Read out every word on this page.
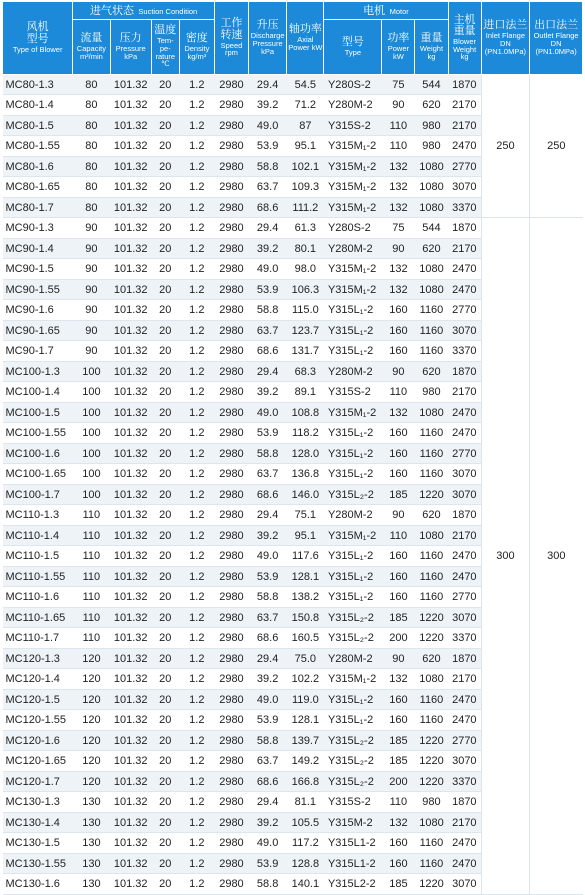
风机
型号
Type of Blower	进气状态 Suction Condition				工作
转速
Speed rpm	升压
Discharge Pressure kPa	轴功率
Axial Power kW	电机 Motor			主机
重量
Blower Weight kg	进口法兰
Inlet Flange DN (PN1.0MPa)	出口法兰
Outlet Flange DN (PN1.0MPa)

	流量
Capacity m³/min	压力
Pressure kPa	温度
Tem-
pe-
rature
℃	密度
Density kg/m³				型号
Type	功率
Power kW	重量
Weight kg			

MC80-1.3	80	101.32	20	1.2	2980	29.4	54.5	Y280S-2	75	544	1870	250	250
MC80-1.4	80	101.32	20	1.2	2980	39.2	71.2	Y280M-2	90	620	2170		
MC80-1.5	80	101.32	20	1.2	2980	49.0	87	Y315S-2	110	980	2170		
MC80-1.55	80	101.32	20	1.2	2980	53.9	95.1	Y315M₁-2	110	980	2470		
MC80-1.6	80	101.32	20	1.2	2980	58.8	102.1	Y315M₁-2	132	1080	2770		
MC80-1.65	80	101.32	20	1.2	2980	63.7	109.3	Y315M₁-2	132	1080	3070		
MC80-1.7	80	101.32	20	1.2	2980	68.6	111.2	Y315M₁-2	132	1080	3370		
MC90-1.3	90	101.32	20	1.2	2980	29.4	61.3	Y280S-2	75	544	1870	300	300
MC90-1.4	90	101.32	20	1.2	2980	39.2	80.1	Y280M-2	90	620	2170		
MC90-1.5	90	101.32	20	1.2	2980	49.0	98.0	Y315M₁-2	132	1080	2470		
MC90-1.55	90	101.32	20	1.2	2980	53.9	106.3	Y315M₁-2	132	1080	2470		
MC90-1.6	90	101.32	20	1.2	2980	58.8	115.0	Y315L₁-2	160	1160	2770		
MC90-1.65	90	101.32	20	1.2	2980	63.7	123.7	Y315L₁-2	160	1160	3070		
MC90-1.7	90	101.32	20	1.2	2980	68.6	131.7	Y315L₁-2	160	1160	3370		
MC100-1.3	100	101.32	20	1.2	2980	29.4	68.3	Y280M-2	90	620	1870		
MC100-1.4	100	101.32	20	1.2	2980	39.2	89.1	Y315S-2	110	980	2170		
MC100-1.5	100	101.32	20	1.2	2980	49.0	108.8	Y315M₁-2	132	1080	2470		
MC100-1.55	100	101.32	20	1.2	2980	53.9	118.2	Y315L₁-2	160	1160	2470		
MC100-1.6	100	101.32	20	1.2	2980	58.8	128.0	Y315L₁-2	160	1160	2770		
MC100-1.65	100	101.32	20	1.2	2980	63.7	136.8	Y315L₁-2	160	1160	3070		
MC100-1.7	100	101.32	20	1.2	2980	68.6	146.0	Y315L₂-2	185	1220	3070		
MC110-1.3	110	101.32	20	1.2	2980	29.4	75.1	Y280M-2	90	620	1870		
MC110-1.4	110	101.32	20	1.2	2980	39.2	95.1	Y315M₁-2	110	1080	2170		
MC110-1.5	110	101.32	20	1.2	2980	49.0	117.6	Y315L₁-2	160	1160	2470		
MC110-1.55	110	101.32	20	1.2	2980	53.9	128.1	Y315L₁-2	160	1160	2470		
MC110-1.6	110	101.32	20	1.2	2980	58.8	138.2	Y315L₁-2	160	1160	2770		
MC110-1.65	110	101.32	20	1.2	2980	63.7	150.8	Y315L₂-2	185	1220	3070		
MC110-1.7	110	101.32	20	1.2	2980	68.6	160.5	Y315L₂-2	200	1220	3370		
MC120-1.3	120	101.32	20	1.2	2980	29.4	75.0	Y280M-2	90	620	1870		
MC120-1.4	120	101.32	20	1.2	2980	39.2	102.2	Y315M₁-2	132	1080	2170		
MC120-1.5	120	101.32	20	1.2	2980	49.0	119.0	Y315L₁-2	160	1160	2470		
MC120-1.55	120	101.32	20	1.2	2980	53.9	128.1	Y315L₁-2	160	1160	2470		
MC120-1.6	120	101.32	20	1.2	2980	58.8	139.7	Y315L₂-2	185	1220	2770		
MC120-1.65	120	101.32	20	1.2	2980	63.7	149.2	Y315L₂-2	185	1220	3070		
MC120-1.7	120	101.32	20	1.2	2980	68.6	166.8	Y315L₂-2	200	1220	3370		
MC130-1.3	130	101.32	20	1.2	2980	29.4	81.1	Y315S-2	110	980	1870		
MC130-1.4	130	101.32	20	1.2	2980	39.2	105.5	Y315M-2	132	1080	2170		
MC130-1.5	130	101.32	20	1.2	2980	49.0	117.2	Y315L1-2	160	1160	2470		
MC130-1.55	130	101.32	20	1.2	2980	53.9	128.8	Y315L1-2	160	1160	2470		
MC130-1.6	130	101.32	20	1.2	2980	58.8	140.1	Y315L2-2	185	1220	3070		
